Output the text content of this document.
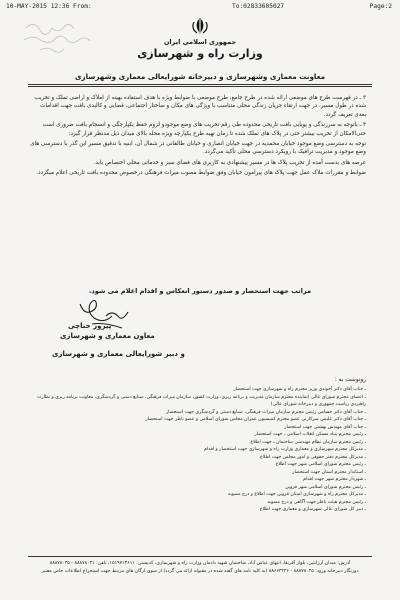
10-MAY-2015 12:36 From:	To:02833605027	Page:2
جمهوری اسلامی ایران
وزارت راه و شهرسازی
معاونت معماری وشهرسازی و دبیرخانه شورایعالی معماری وشهرسازی

۳ ـ در فهرست طرح های موضعی ارائه شده در طرح جامع، طرح موضعی با ضوابط ویژه با هدف استفاده بهینه از املاک و اراضی تملک و تخریب شده در طول مسیر، در جهت ارتقاء جریان زندگی محلی متناسب با ویژگی های مکان و ساختار اجتماعی، فضایی و کالبدی بافت جهت اقدامات بعدی تعریف گردد.

۴ ـ باتوجه به سرزندگی و پویایی بافت تاریخی محدوده طی رقم تخریب های وضع موجودو لزوم حفظ یکپارچگی و انسجام بافت ضروری است حتی‌الامکان از تخریب بیشتر حتی در پلاک های تملک شده تا زمان تهیه طرح یکپارچه ویژه محله بالای میدان ذیل مدنظر قرار گیرد:

توجه به دسترسی وضع موجود خیابان محمدیه در جهت خیابان انصاری و خیابان طالقانی در شمال آن، ابنیه با تدقیق مسیر این گذر با دسترسی های وضع موجود و مدیریت ترافیک با رویکرد دسترسی محلی تأکید می‌گردد.

عرصه های بدست آمده از تخریب پلاک ها در مسیر پیشنهادی به کاربری های فضای سبز و خدماتی محلی اختصاص یابد.

ضوابط و مقررات ملاک عمل جهت پلاک های پیرامون خیابان وفق ضوابط مصوب میراث فرهنگی درخصوص محدوده بافت تاریخی اعلام میگردد.

مراتب جهت استحضار و صدور دستور انعکاس و اقدام اعلام می شود.
پیروز حناچی
معاون معماری و شهرسازی
و دبیر شورایعالی معماری و شهرسازی
رونوشت به :
ـ جناب آقای دکتر آخوندی وزیر محترم راه و شهرسازی جهت استحضار
ـ اعضای محترم شورای عالی (نماینده محترم سازمان مدیریت و برنامه ریزی، وزارت کشور، سازمان میراث فرهنگی، صنایع دستی و گردشگری، معاونت برنامه ریزی و نظارت راهبردی ریاست جمهوری و دبیرخانه شورای عالی)
ـ جناب آقای دکتر حسامی رئیس محترم سازمان میراث فرهنگی، صنایع دستی و گردشگری جهت استحضار
ـ جناب آقای دکتر علیمی سرکارتی عضو محترم کمیسیون عمران مجلس شورای اسلامی و عضو ناظر جهت استحضار
ـ جناب آقای مهندس بهشتی جهت استحضار
ـ رئیس محترم بنیاد مسکن انقلاب اسلامی ـ جهت استحضار
ـ رئیس محترم سازمان نظام مهندسی ساختمان ـ جهت اطلاع
ـ مدیرکل محترم شهرسازی و معماری وزارت راه و شهرسازی جهت استحضار و اقدام
ـ مدیرکل محترم دفتر حقوقی و امور مجلس جهت اطلاع
ـ رئیس محترم شورای اسلامی شهر جهت اطلاع
ـ استاندار محترم استان جهت استحضار
ـ شهردار محترم شهر جهت اقدام
ـ رئیس محترم شورای اسلامی شهر قزوین
ـ مدیرکل محترم راه و شهرسازی استان قزوین جهت اطلاع و درج مصوبه
ـ رئیس محترم هیئت ناظر جهت آگاهی و درج مصوبه
ـ دبیر کل شورای عالی شهرسازی و معماری جهت اطلاع
آدرس: میدان آرژانتین، بلوار آفریقا، انتهای عباس آباد، ساختمان شهید دادمان وزارت راه و شهرسازی، کدپستی: ۱۵۱۹۷۱۳۶۱۱، تلفن: ۸۸۸۷۸۰۳۱ - ۸۸۸۷۸۰۳۵
دورنگار دبیرخانه ورود: ۸۸۸۷۸۰۴۵ - ۸۸۶۶۳۲۳۶ (به کلیه نامه های گفته شده در مقبوله ارائه می گردد) از سوی ارگان های مرتبط جهت استخراج اطلاعات خاص معتبر
